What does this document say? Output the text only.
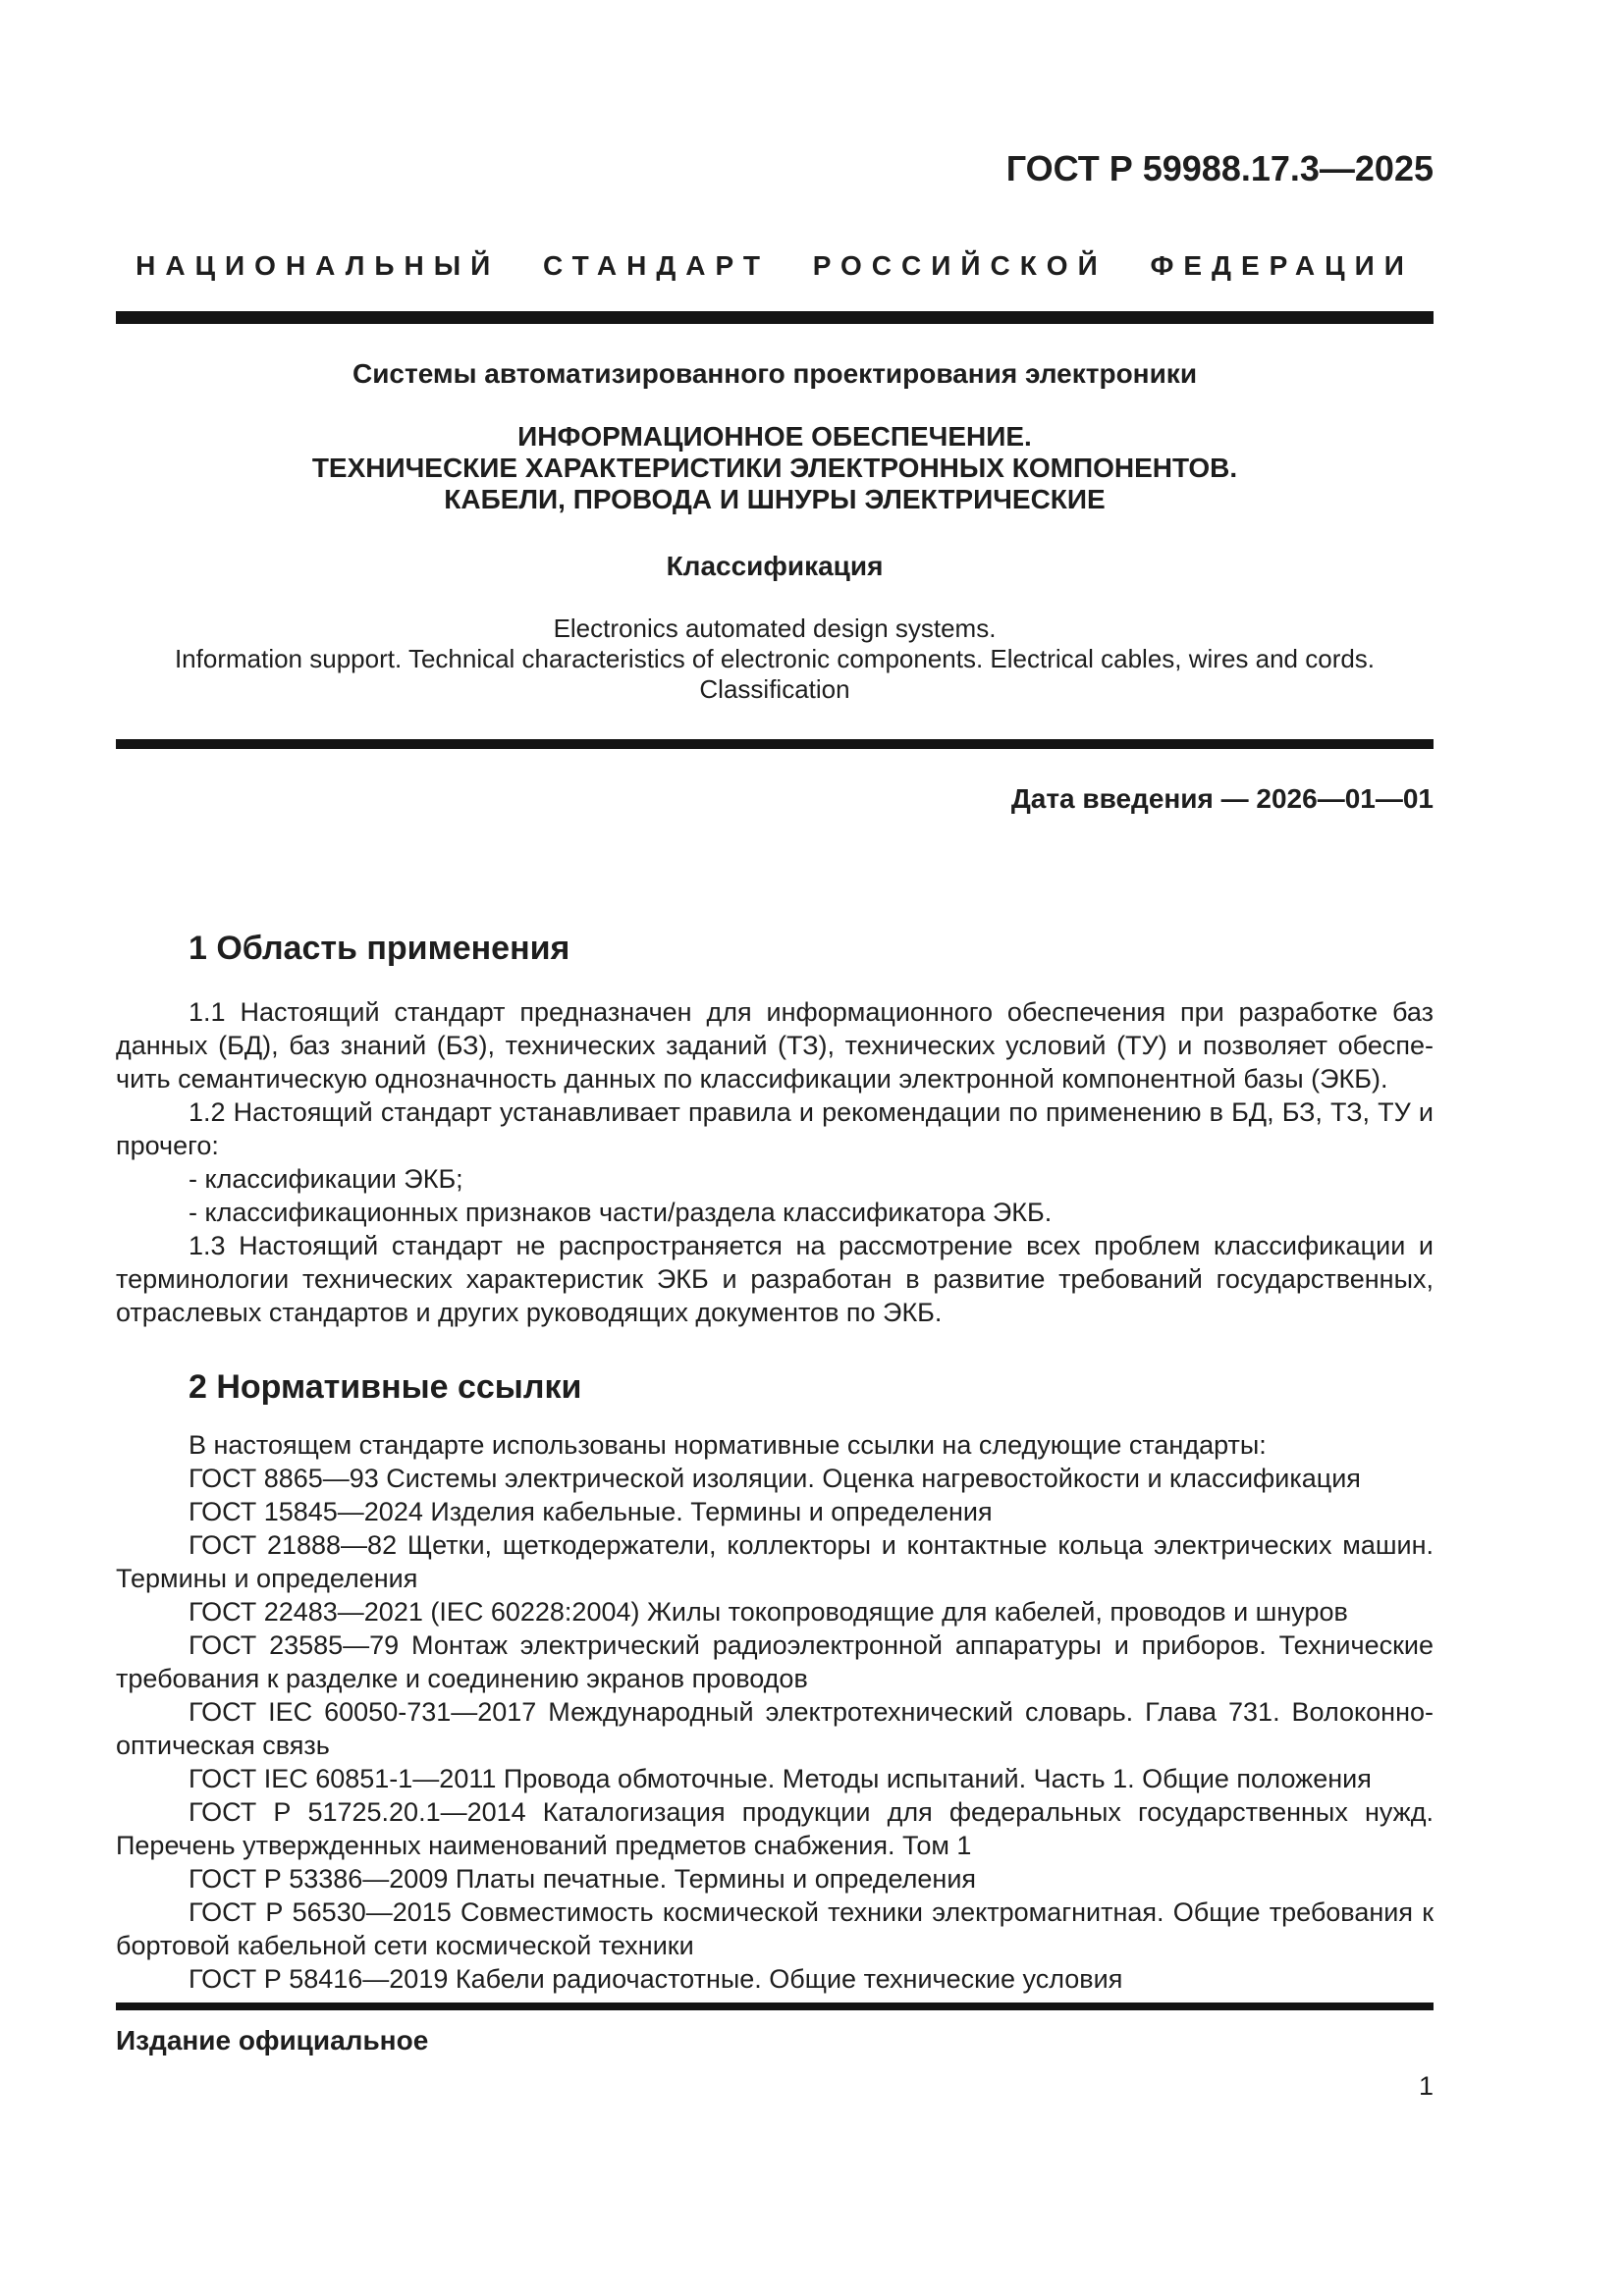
ГОСТ Р 59988.17.3—2025
НАЦИОНАЛЬНЫЙ СТАНДАРТ РОССИЙСКОЙ ФЕДЕРАЦИИ
Системы автоматизированного проектирования электроники
ИНФОРМАЦИОННОЕ ОБЕСПЕЧЕНИЕ.
ТЕХНИЧЕСКИЕ ХАРАКТЕРИСТИКИ ЭЛЕКТРОННЫХ КОМПОНЕНТОВ.
КАБЕЛИ, ПРОВОДА И ШНУРЫ ЭЛЕКТРИЧЕСКИЕ
Классификация
Electronics automated design systems.
Information support. Technical characteristics of electronic components. Electrical cables, wires and cords.
Classification
Дата введения — 2026—01—01
1 Область применения

1.1 Настоящий стандарт предназначен для информационного обеспечения при разработке баз данных (БД), баз знаний (БЗ), технических заданий (ТЗ), технических условий (ТУ) и позволяет обеспечить семантическую однозначность данных по классификации электронной компонентной базы (ЭКБ).

1.2 Настоящий стандарт устанавливает правила и рекомендации по применению в БД, БЗ, ТЗ, ТУ и прочего:

- классификации ЭКБ;

- классификационных признаков части/раздела классификатора ЭКБ.

1.3 Настоящий стандарт не распространяется на рассмотрение всех проблем классификации и терминологии технических характеристик ЭКБ и разработан в развитие требований государственных, отраслевых стандартов и других руководящих документов по ЭКБ.

2 Нормативные ссылки

В настоящем стандарте использованы нормативные ссылки на следующие стандарты:

ГОСТ 8865—93 Системы электрической изоляции. Оценка нагревостойкости и классификация

ГОСТ 15845—2024 Изделия кабельные. Термины и определения

ГОСТ 21888—82 Щетки, щеткодержатели, коллекторы и контактные кольца электрических машин. Термины и определения

ГОСТ 22483—2021 (IEC 60228:2004) Жилы токопроводящие для кабелей, проводов и шнуров

ГОСТ 23585—79 Монтаж электрический радиоэлектронной аппаратуры и приборов. Технические требования к разделке и соединению экранов проводов

ГОСТ IEC 60050-731—2017 Международный электротехнический словарь. Глава 731. Волоконно-оптическая связь

ГОСТ IEC 60851-1—2011 Провода обмоточные. Методы испытаний. Часть 1. Общие положения

ГОСТ Р 51725.20.1—2014 Каталогизация продукции для федеральных государственных нужд. Перечень утвержденных наименований предметов снабжения. Том 1

ГОСТ Р 53386—2009 Платы печатные. Термины и определения

ГОСТ Р 56530—2015 Совместимость космической техники электромагнитная. Общие требования к бортовой кабельной сети космической техники

ГОСТ Р 58416—2019 Кабели радиочастотные. Общие технические условия

Издание официальное
1
